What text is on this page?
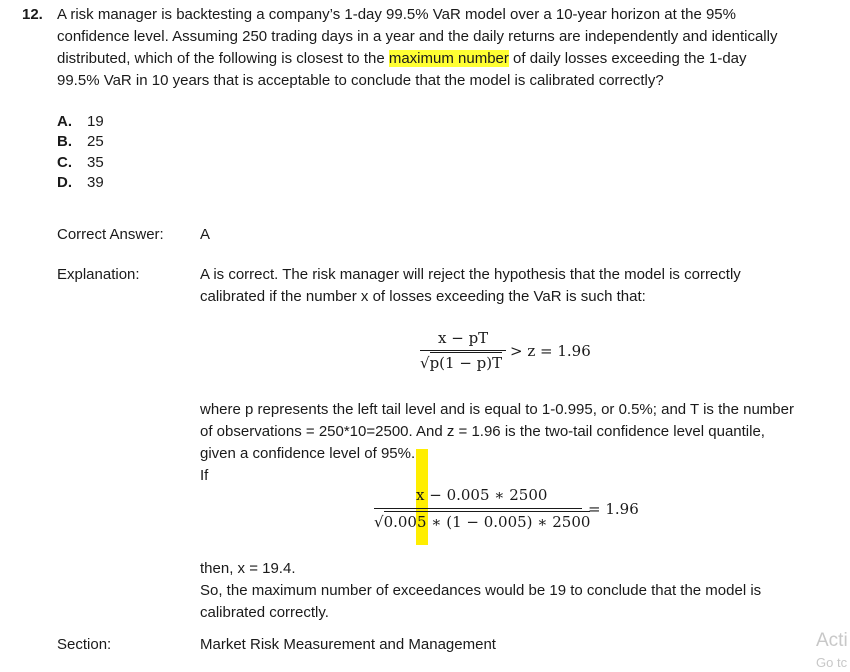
12. A risk manager is backtesting a company’s 1-day 99.5% VaR model over a 10-year horizon at the 95%
confidence level. Assuming 250 trading days in a year and the daily returns are independently and identically
distributed, which of the following is closest to the maximum number of daily losses exceeding the 1-day
99.5% VaR in 10 years that is acceptable to conclude that the model is calibrated correctly?
A. 19
B. 25
C. 35
D. 39
Correct Answer: A
Explanation:	A is correct. The risk manager will reject the hypothesis that the model is correctly
calibrated if the number x of losses exceeding the VaR is such that:
x − pT
√p(1 − p)T
> z = 1.96
where p represents the left tail level and is equal to 1-0.995, or 0.5%; and T is the number
of observations = 250*10=2500. And z = 1.96 is the two-tail confidence level quantile,
given a confidence level of 95%.
If
x − 0.005 ∗ 2500
√0.005 ∗ (1 − 0.005) ∗ 2500
= 1.96
then, x = 19.4.
So, the maximum number of exceedances would be 19 to conclude that the model is
calibrated correctly.
Section:	Market Risk Measurement and Management	Acti
Go tc
